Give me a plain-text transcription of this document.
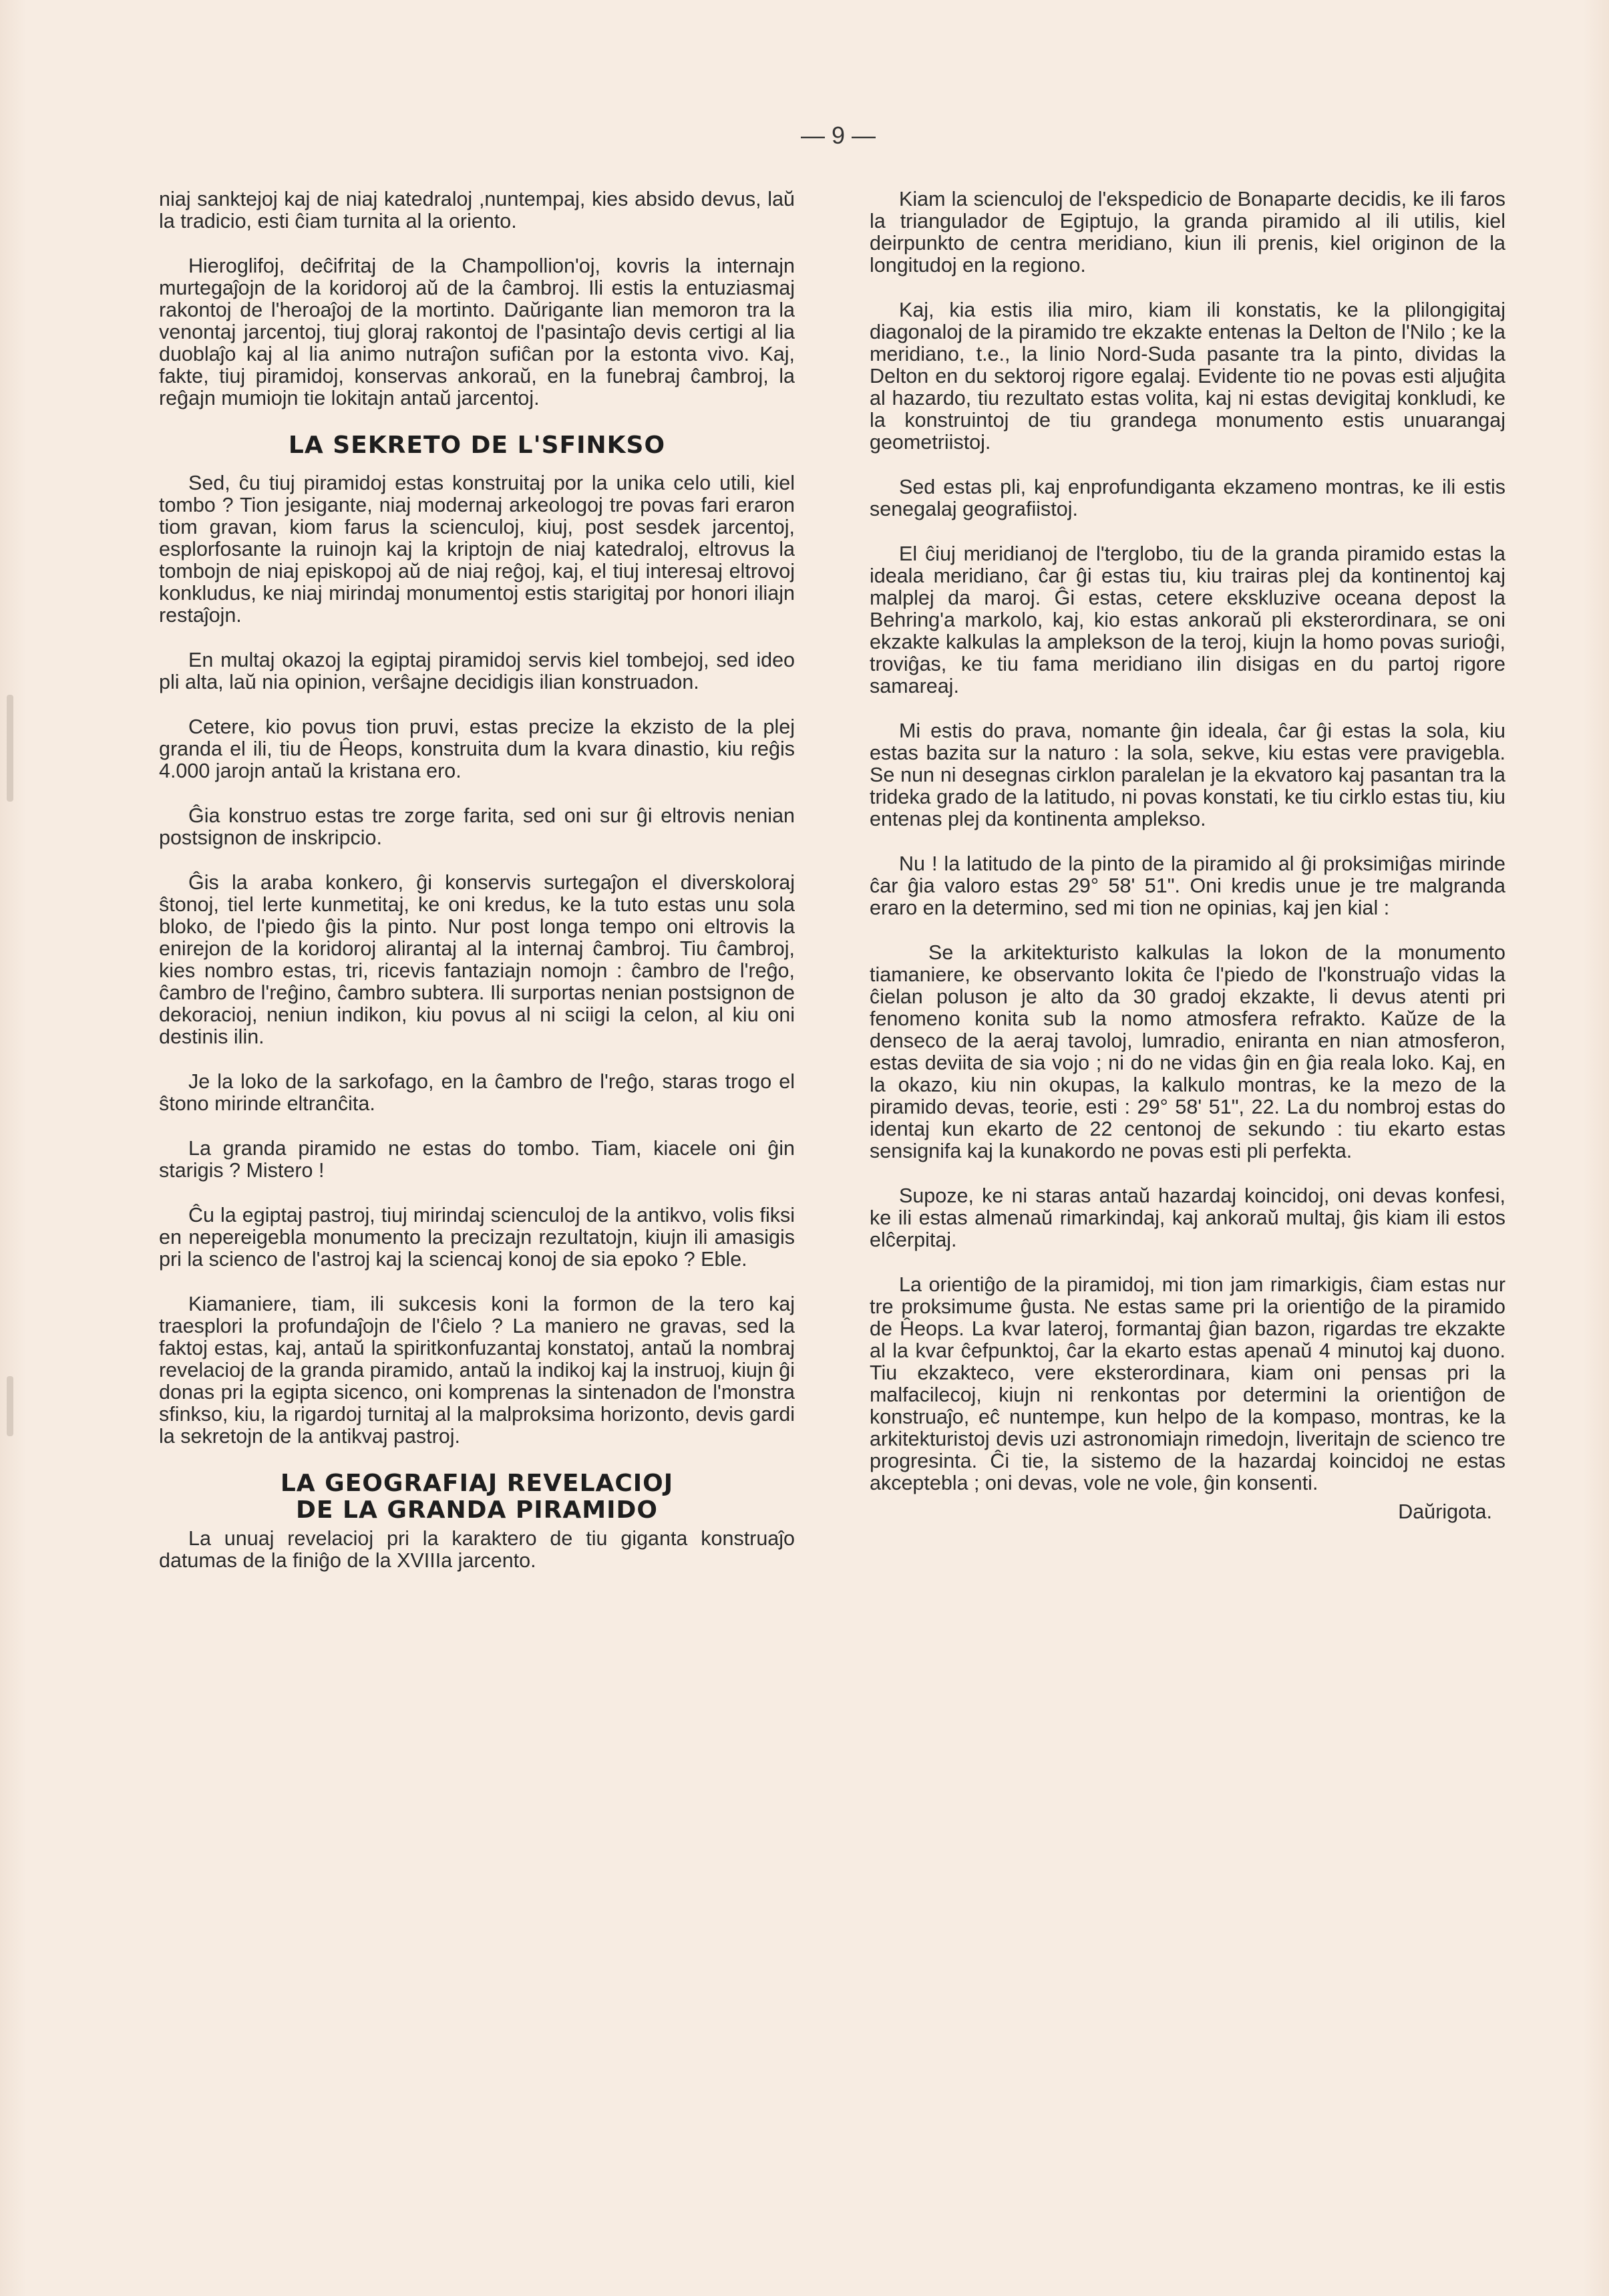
— 9 —

niaj sanktejoj kaj de niaj katedraloj ,nuntempaj, kies absido devus, laŭ la tradicio, esti ĉiam turnita al la oriento.

Hieroglifoj, deĉifritaj de la Champollion'oj, kovris la internajn murtegaĵojn de la koridoroj aŭ de la ĉambroj. Ili estis la entuziasmaj rakontoj de l'heroaĵoj de la mortinto. Daŭrigante lian memoron tra la venontaj jarcentoj, tiuj gloraj rakontoj de l'pasintaĵo devis certigi al lia duoblaĵo kaj al lia animo nutraĵon sufiĉan por la estonta vivo. Kaj, fakte, tiuj piramidoj, konservas ankoraŭ, en la funebraj ĉambroj, la reĝajn mumiojn tie lokitajn antaŭ jarcentoj.

LA SEKRETO DE L'SFINKSO

Sed, ĉu tiuj piramidoj estas konstruitaj por la unika celo utili, kiel tombo ? Tion jesigante, niaj modernaj arkeologoj tre povas fari eraron tiom gravan, kiom farus la scienculoj, kiuj, post sesdek jarcentoj, esplorfosante la ruinojn kaj la kriptojn de niaj katedraloj, eltrovus la tombojn de niaj episkopoj aŭ de niaj reĝoj, kaj, el tiuj interesaj eltrovoj konkludus, ke niaj mirindaj monumentoj estis starigitaj por honori iliajn restaĵojn.

En multaj okazoj la egiptaj piramidoj servis kiel tombejoj, sed ideo pli alta, laŭ nia opinion, verŝajne decidigis ilian konstruadon.

Cetere, kio povus tion pruvi, estas precize la ekzisto de la plej granda el ili, tiu de Ĥeops, konstruita dum la kvara dinastio, kiu reĝis 4.000 jarojn antaŭ la kristana ero.

Ĝia konstruo estas tre zorge farita, sed oni sur ĝi eltrovis nenian postsignon de inskripcio.

Ĝis la araba konkero, ĝi konservis surtegaĵon el diverskoloraj ŝtonoj, tiel lerte kunmetitaj, ke oni kredus, ke la tuto estas unu sola bloko, de l'piedo ĝis la pinto. Nur post longa tempo oni eltrovis la enirejon de la koridoroj alirantaj al la internaj ĉambroj. Tiu ĉambroj, kies nombro estas, tri, ricevis fantaziajn nomojn : ĉambro de l'reĝo, ĉambro de l'reĝino, ĉambro subtera. Ili surportas nenian postsignon de dekoracioj, neniun indikon, kiu povus al ni sciigi la celon, al kiu oni destinis ilin.

Je la loko de la sarkofago, en la ĉambro de l'reĝo, staras trogo el ŝtono mirinde eltranĉita.

La granda piramido ne estas do tombo. Tiam, kiacele oni ĝin starigis ? Mistero !

Ĉu la egiptaj pastroj, tiuj mirindaj scienculoj de la antikvo, volis fiksi en nepereigebla monumento la precizajn rezultatojn, kiujn ili amasigis pri la scienco de l'astroj kaj la sciencaj konoj de sia epoko ? Eble.

Kiamaniere, tiam, ili sukcesis koni la formon de la tero kaj traesplori la profundaĵojn de l'ĉielo ? La maniero ne gravas, sed la faktoj estas, kaj, antaŭ la spiritkonfuzantaj konstatoj, antaŭ la nombraj revelacioj de la granda piramido, antaŭ la indikoj kaj la instruoj, kiujn ĝi donas pri la egipta sicenco, oni komprenas la sintenadon de l'monstra sfinkso, kiu, la rigardoj turnitaj al la malproksima horizonto, devis gardi la sekretojn de la antikvaj pastroj.

LA GEOGRAFIAJ REVELACIOJ
DE LA GRANDA PIRAMIDO

La unuaj revelacioj pri la karaktero de tiu giganta konstruaĵo datumas de la finiĝo de la XVIIIa jarcento.

Kiam la scienculoj de l'ekspedicio de Bonaparte decidis, ke ili faros la triangulador de Egiptujo, la granda piramido al ili utilis, kiel deirpunkto de centra meridiano, kiun ili prenis, kiel originon de la longitudoj en la regiono.

Kaj, kia estis ilia miro, kiam ili konstatis, ke la plilongigitaj diagonaloj de la piramido tre ekzakte entenas la Delton de l'Nilo ; ke la meridiano, t.e., la linio Nord-Suda pasante tra la pinto, dividas la Delton en du sektoroj rigore egalaj. Evidente tio ne povas esti aljuĝita al hazardo, tiu rezultato estas volita, kaj ni estas devigitaj konkludi, ke la konstruintoj de tiu grandega monumento estis unuarangaj geometriistoj.

Sed estas pli, kaj enprofundiganta ekzameno montras, ke ili estis senegalaj geografiistoj.

El ĉiuj meridianoj de l'terglobo, tiu de la granda piramido estas la ideala meridiano, ĉar ĝi estas tiu, kiu trairas plej da kontinentoj kaj malplej da maroj. Ĝi estas, cetere ekskluzive oceana depost la Behring'a markolo, kaj, kio estas ankoraŭ pli eksterordinara, se oni ekzakte kalkulas la amplekson de la teroj, kiujn la homo povas surioĝi, troviĝas, ke tiu fama meridiano ilin disigas en du partoj rigore samareaj.

Mi estis do prava, nomante ĝin ideala, ĉar ĝi estas la sola, kiu estas bazita sur la naturo : la sola, sekve, kiu estas vere pravigebla. Se nun ni desegnas cirklon paralelan je la ekvatoro kaj pasantan tra la trideka grado de la latitudo, ni povas konstati, ke tiu cirklo estas tiu, kiu entenas plej da kontinenta amplekso.

Nu ! la latitudo de la pinto de la piramido al ĝi proksimiĝas mirinde ĉar ĝia valoro estas 29° 58' 51". Oni kredis unue je tre malgranda eraro en la determino, sed mi tion ne opinias, kaj jen kial :

Se la arkitekturisto kalkulas la lokon de la monumento tiamaniere, ke observanto lokita ĉe l'piedo de l'konstruaĵo vidas la ĉielan poluson je alto da 30 gradoj ekzakte, li devus atenti pri fenomeno konita sub la nomo atmosfera refrakto. Kaŭze de la denseco de la aeraj tavoloj, lumradio, eniranta en nian atmosferon, estas deviita de sia vojo ; ni do ne vidas ĝin en ĝia reala loko. Kaj, en la okazo, kiu nin okupas, la kalkulo montras, ke la mezo de la piramido devas, teorie, esti : 29° 58' 51", 22. La du nombroj estas do identaj kun ekarto de 22 centonoj de sekundo : tiu ekarto estas sensignifa kaj la kunakordo ne povas esti pli perfekta.

Supoze, ke ni staras antaŭ hazardaj koincidoj, oni devas konfesi, ke ili estas almenaŭ rimarkindaj, kaj ankoraŭ multaj, ĝis kiam ili estos elĉerpitaj.

La orientiĝo de la piramidoj, mi tion jam rimarkigis, ĉiam estas nur tre proksimume ĝusta. Ne estas same pri la orientiĝo de la piramido de Ĥeops. La kvar lateroj, formantaj ĝian bazon, rigardas tre ekzakte al la kvar ĉefpunktoj, ĉar la ekarto estas apenaŭ 4 minutoj kaj duono. Tiu ekzakteco, vere eksterordinara, kiam oni pensas pri la malfacilecoj, kiujn ni renkontas por determini la orientiĝon de konstruaĵo, eĉ nuntempe, kun helpo de la kompaso, montras, ke la arkitekturistoj devis uzi astronomiajn rimedojn, liveritajn de scienco tre progresinta. Ĉi tie, la sistemo de la hazardaj koincidoj ne estas akceptebla ; oni devas, vole ne vole, ĝin konsenti.

Daŭrigota.
